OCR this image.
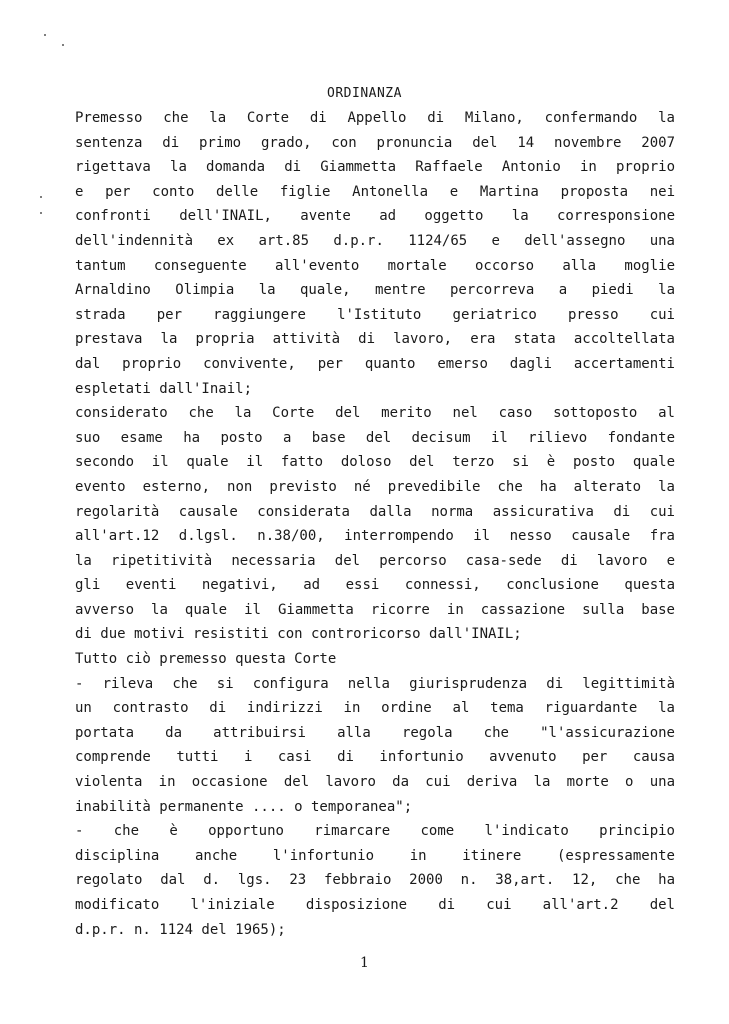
ORDINANZA
Premesso che la Corte di Appello di Milano, confermando la
sentenza di primo grado, con pronuncia del 14 novembre 2007
rigettava la domanda di Giammetta Raffaele Antonio in proprio
e per conto delle figlie Antonella e Martina proposta nei
confronti dell'INAIL, avente ad oggetto la corresponsione
dell'indennità ex art.85 d.p.r. 1124/65 e dell'assegno una
tantum conseguente all'evento mortale occorso alla moglie
Arnaldino Olimpia la quale, mentre percorreva a piedi la
strada per raggiungere l'Istituto geriatrico presso cui
prestava la propria attività di lavoro, era stata accoltellata
dal proprio convivente, per quanto emerso dagli accertamenti
espletati dall'Inail;
considerato che la Corte del merito nel caso sottoposto al
suo esame ha posto a base del decisum il rilievo fondante
secondo il quale il fatto doloso del terzo si è posto quale
evento esterno, non previsto né prevedibile che ha alterato la
regolarità causale considerata dalla norma assicurativa di cui
all'art.12 d.lgsl. n.38/00, interrompendo il nesso causale fra
la ripetitività necessaria del percorso casa-sede di lavoro e
gli eventi negativi, ad essi connessi, conclusione questa
avverso la quale il Giammetta ricorre in cassazione sulla base
di due motivi resistiti con controricorso dall'INAIL;
Tutto ciò premesso questa Corte
- rileva che si configura nella giurisprudenza di legittimità
un contrasto di indirizzi in ordine al tema riguardante la
portata da attribuirsi alla regola che "l'assicurazione
comprende tutti i casi di infortunio avvenuto per causa
violenta in occasione del lavoro da cui deriva la morte o una
inabilità permanente .... o temporanea";
- che è opportuno rimarcare come l'indicato principio
disciplina anche l'infortunio in itinere (espressamente
regolato dal d. lgs. 23 febbraio 2000 n. 38,art. 12, che ha
modificato l'iniziale disposizione di cui all'art.2 del
d.p.r. n. 1124 del 1965);
1
